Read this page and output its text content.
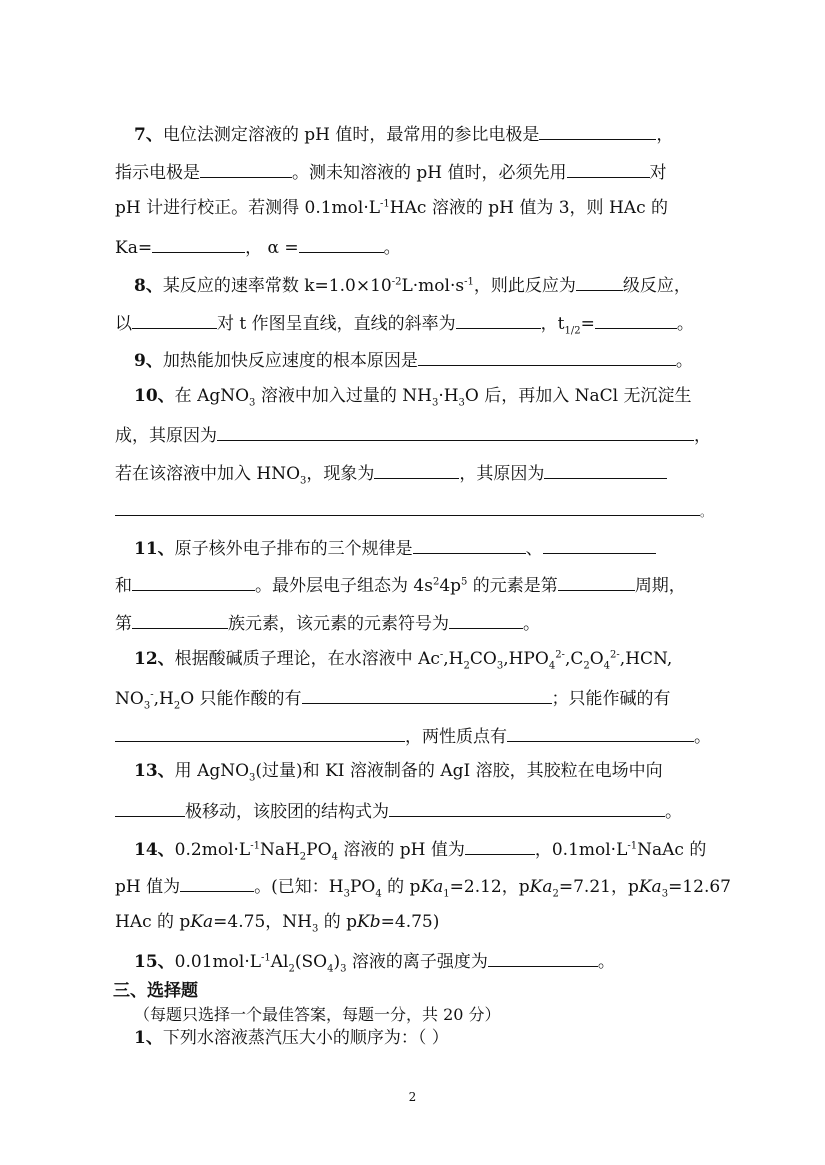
7、电位法测定溶液的 pH 值时，最常用的参比电极是	，
指示电极是	。测未知溶液的 pH 值时，必须先用	对
pH 计进行校正。若测得 $0.1mol\cdot L^{-1}HAc$ 溶液的 pH 值为 3，则 HAc 的
Ka=	， α =	。
8、某反应的速率常数 $k=1.0\times 10^{-2}L\cdot mol\cdot s^{-1}$，则此反应为	级反应，
以	对 t 作图呈直线，直线的斜率为	，$t_{1/2}=$	。
9、加热能加快反应速度的根本原因是	。
10、在 AgNO$_3$ 溶液中加入过量的 $NH_3\cdot H_3O$ 后，再加入 NaCl 无沉淀生
成，其原因为	，
若在该溶液中加入 $HNO_3$，现象为	，其原因为
。
11、原子核外电子排布的三个规律是	、
和	。最外层电子组态为 $4s^24p^5$ 的元素是第	周期，
第	族元素，该元素的元素符号为	。
12、根据酸碱质子理论，在水溶液中 $Ac^-,H_2CO_3,HPO_4^{2-},C_2O_4^{2-},HCN$,
$NO_3^-,H_2O$ 只能作酸的有	；只能作碱的有
，两性质点有	。
13、用 AgNO$_3$(过量)和 KI 溶液制备的 AgI 溶胶，其胶粒在电场中向
极移动，该胶团的结构式为	。
14、$0.2mol\cdot L^{-1}NaH_2PO_4$ 溶液的 pH 值为	，$0.1mol\cdot L^{-1}NaAc$ 的
pH 值为	。(已知：$H_3PO_4$ 的 pKa$_1$=2.12，pKa$_2$=7.21，pKa$_3$=12.67
HAc 的 pKa=4.75，$NH_3$ 的 pKb=4.75)
15、$0.01mol\cdot L^{-1}Al_2(SO_4)_3$ 溶液的离子强度为	。
三、选择题
（每题只选择一个最佳答案，每题一分，共 20 分）
1、下列水溶液蒸汽压大小的顺序为：（ ）
2
